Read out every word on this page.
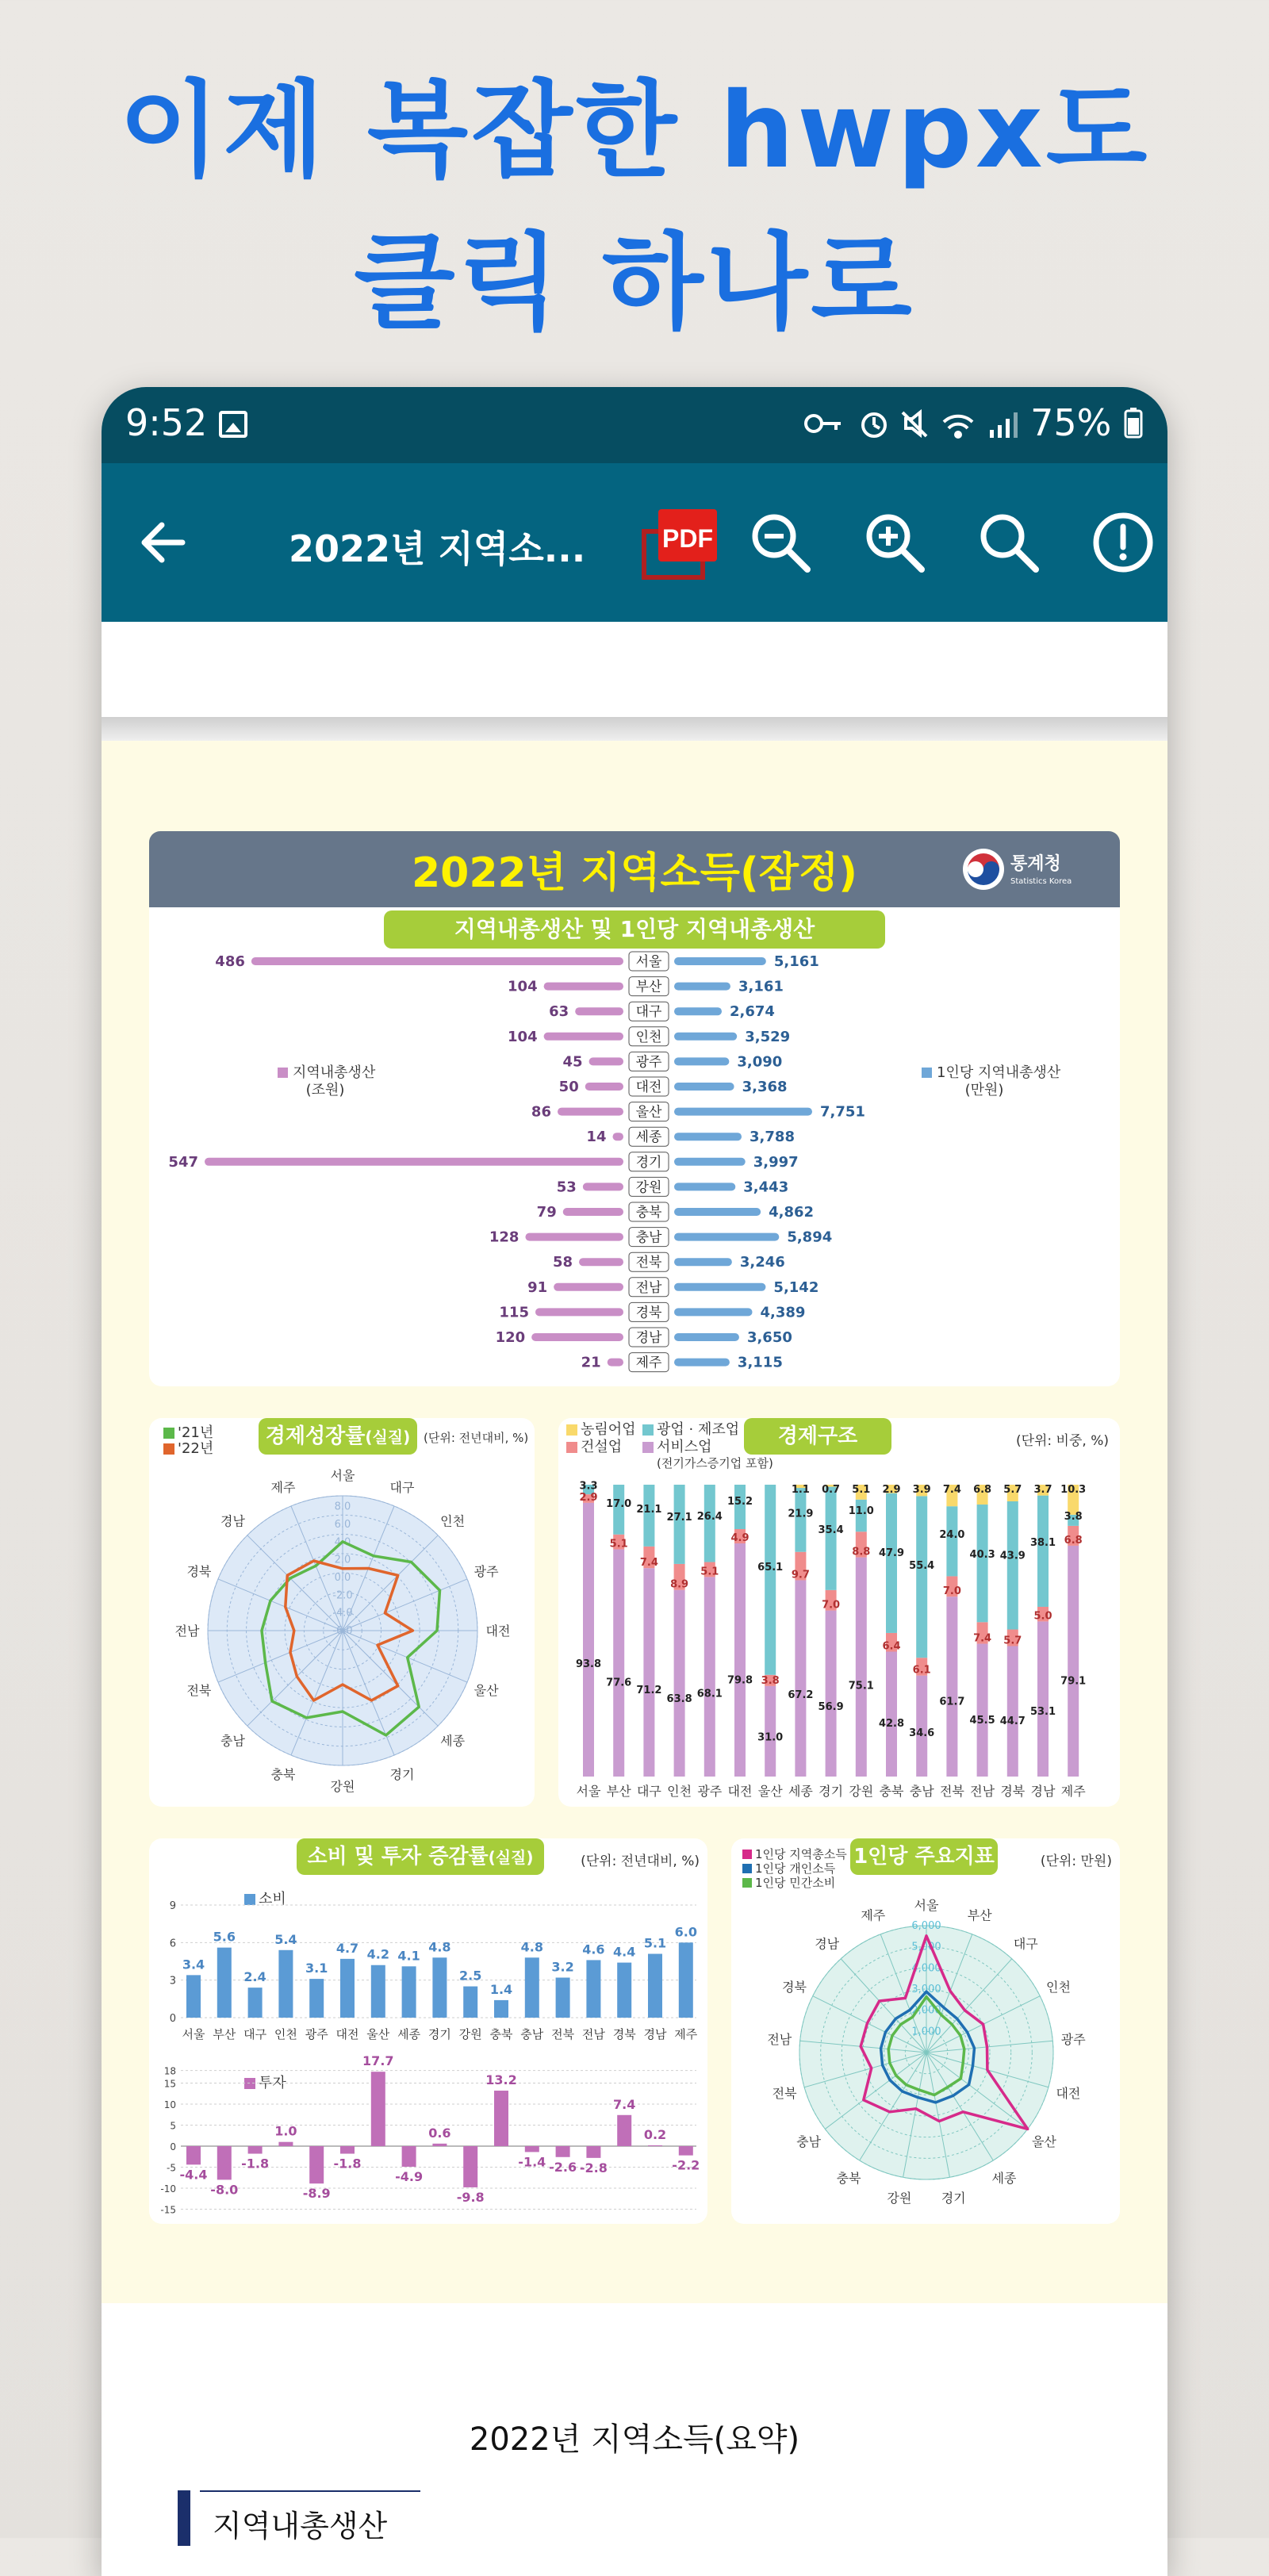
이제 복잡한 hwpx도
클릭 하나로
9:52	75%
2022년 지역소...	PDF
2022년 지역소득(잠정)	통계청
Statistics Korea
지역내총생산 및 1인당 지역내총생산
지역내총생산
(조원)
1인당 지역내총생산
(만원)
486	서울	5,161
104	부산	3,161
63	대구	2,674
104	인천	3,529
45	광주	3,090
50	대전	3,368
86	울산	7,751
14 세종	3,788
547	경기	3,997
53	강원	3,443
79	충북	4,862
128	충남	5,894
58	전북	3,246
91	전남	5,142
115	경북	4,389
120	경남	3,650
21	제주	3,115
경제성장률(실질)	(단위: 전년대비, %)
'21년
'22년
-6.0
-4.0
-2.0
0.0
2.0
4.0
6.0
8.0
서울
대구
인천
광주
대전
울산
세종
경기
강원
충북
충남
전북
전남
경북
경남
제주
경제구조	(단위: 비중, %)
농림어업 광업 · 제조업
건설업 서비스업
(전기가스증기업 포함)
93.8
2.9
3.3
서울
77.6
5.1
17.0
부산
71.2
7.4
21.1
대구
63.8
8.9
27.1
인천
68.1
5.1
26.4
광주
79.8
4.9
15.2
대전
31.0
3.8
65.1
울산
67.2
9.7
21.9
1.1
세종
56.9
7.0
35.4
0.7
경기
75.1
8.8
11.0
5.1
강원
42.8
6.4
47.9
2.9
충북
34.6
6.1
55.4
3.9
충남
61.7
7.0
24.0
7.4
전북
45.5
7.4
40.3
6.8
전남
44.7
5.7
43.9
5.7
경북
53.1
5.0
38.1
3.7
경남
79.1
6.8
3.8
10.3
제주
소비 및 투자 증감률(실질)	(단위: 전년대비, %)
소비
투자
0
3
6
9
3.4
서울
5.6
부산
2.4
대구
5.4
인천
3.1
광주
4.7
대전
4.2
울산
4.1
세종
4.8
경기
2.5
강원
1.4
충북
4.8
충남
3.2
전북
4.6
전남
4.4
경북
5.1
경남
6.0
제주
-15
-10
-5
0
5
10
15
18
-4.4
-8.0
-1.8
1.0
-8.9
-1.8
17.7
-4.9
0.6
-9.8
13.2
-1.4 -2.6 -2.8
7.4
0.2
-2.2
1인당 주요지표	(단위: 만원)
1인당 지역총소득
1인당 개인소득
1인당 민간소비
1,000
2,000
3,000
4,000
5,000
6,000
서울
부산
대구
인천
광주
대전
울산
세종
경기
강원
충북
충남
전북
전남
경북
경남
제주
2022년 지역소득(요약)
지역내총생산
